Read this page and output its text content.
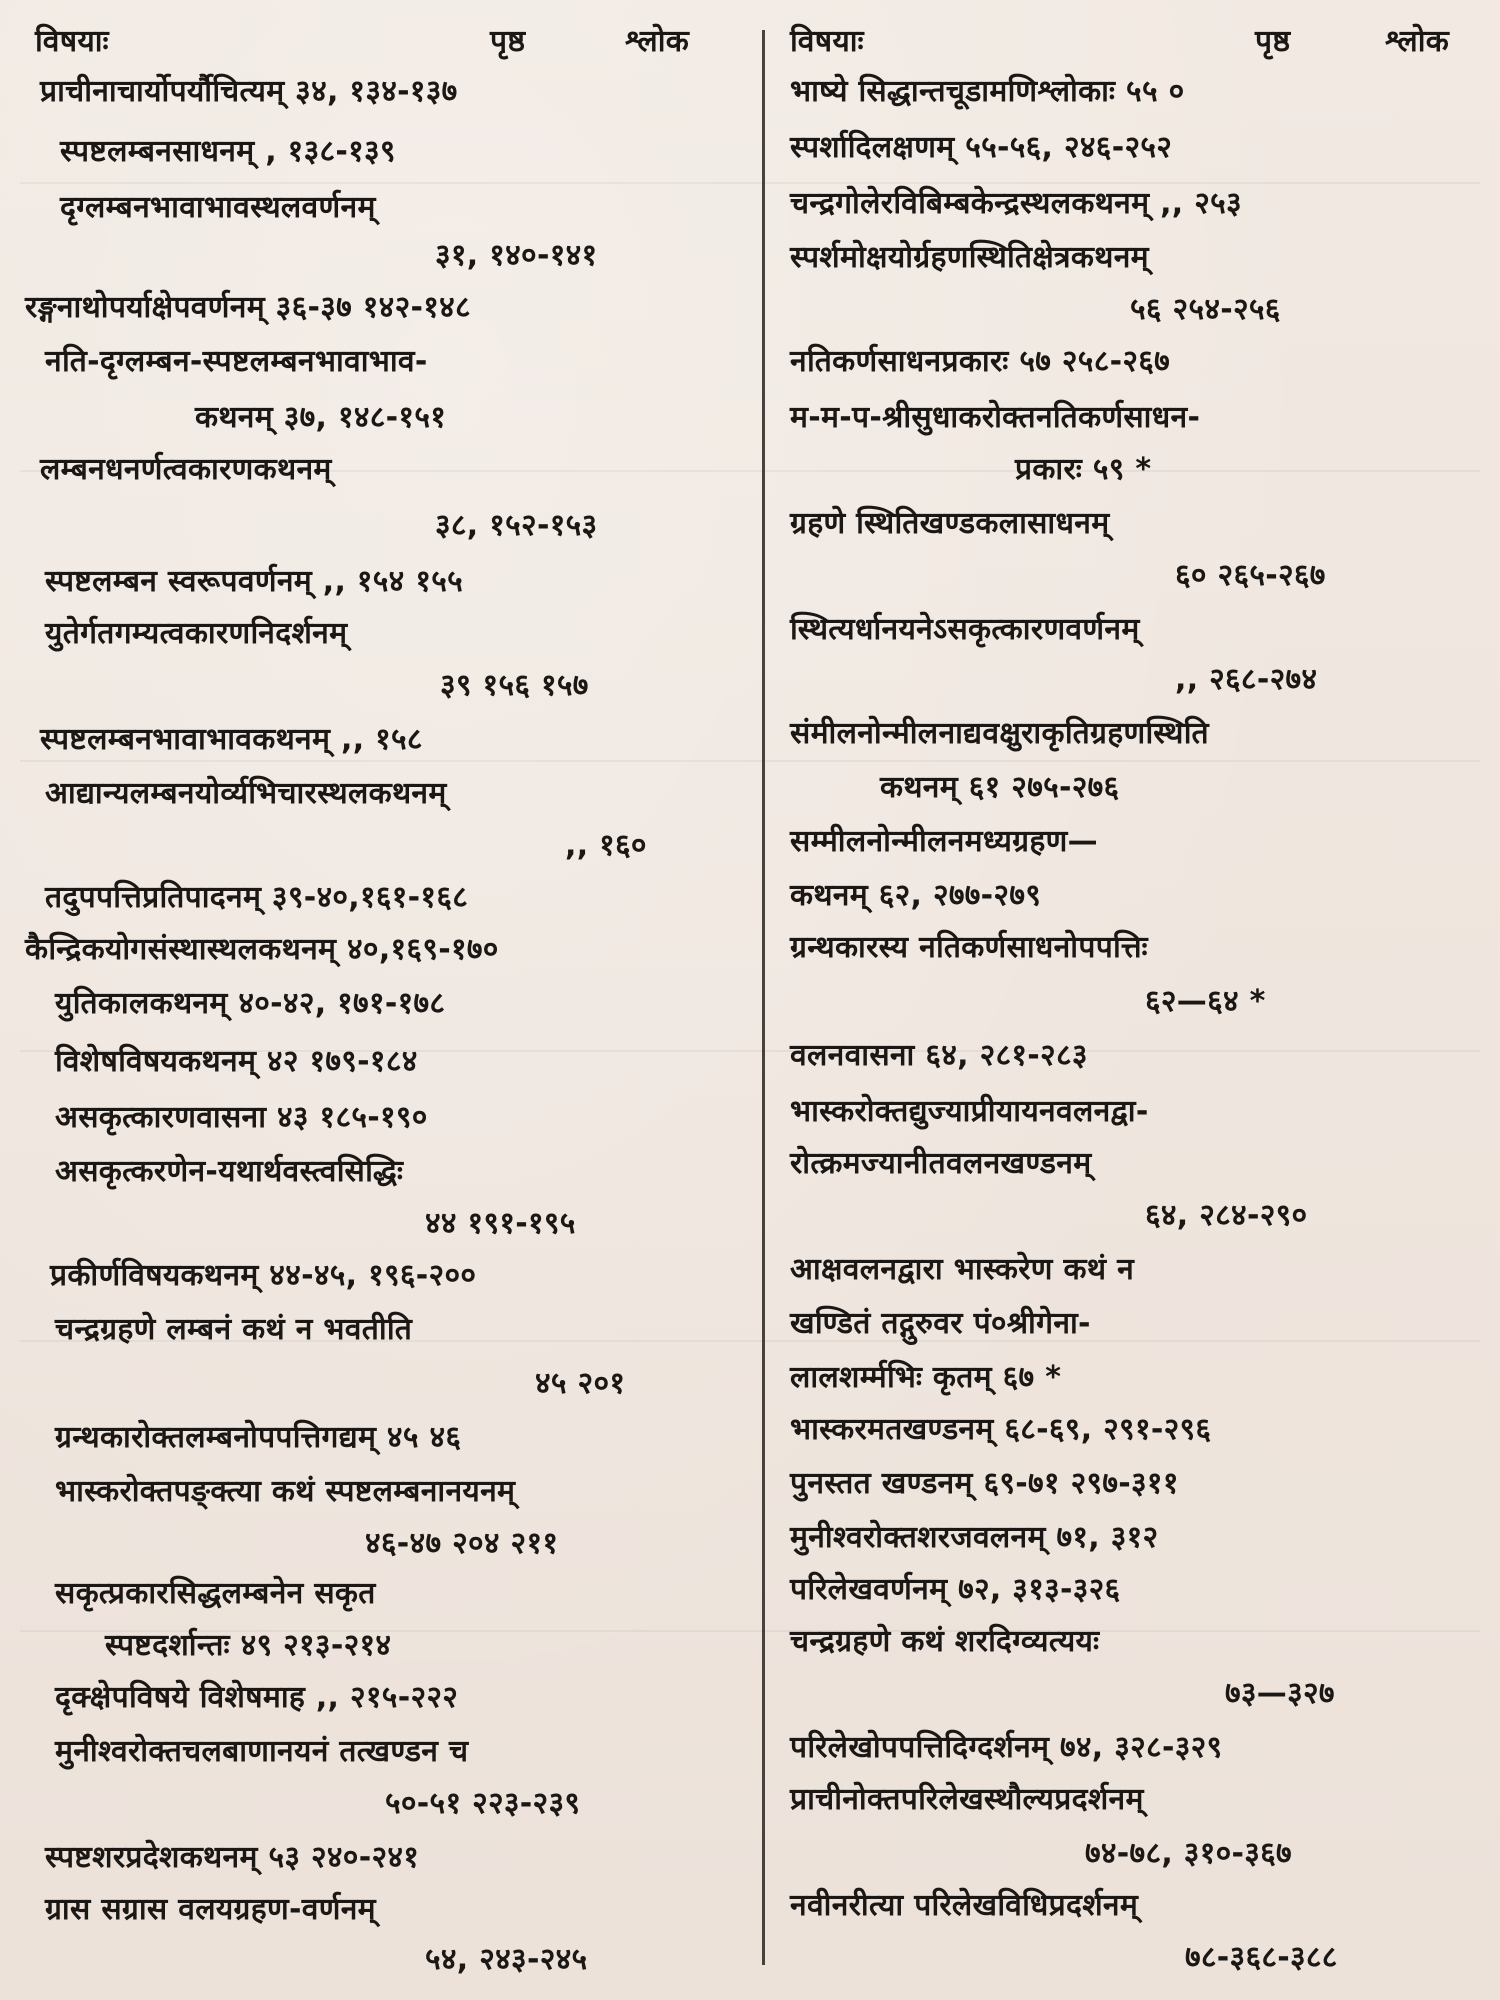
विषयाः	पृष्ठ	श्लोक
प्राचीनाचार्योपर्यौचित्यम् ३४, १३४-१३७
स्पष्टलम्बनसाधनम् , १३८-१३९
दृग्लम्बनभावाभावस्थलवर्णनम्
३१, १४०-१४१
रङ्गनाथोपर्याक्षेपवर्णनम् ३६-३७ १४२-१४८
नति-दृग्लम्बन-स्पष्टलम्बनभावाभाव-
कथनम् ३७, १४८-१५१
लम्बनधनर्णत्वकारणकथनम्
३८, १५२-१५३
स्पष्टलम्बन स्वरूपवर्णनम् ,, १५४ १५५
युतेर्गतगम्यत्वकारणनिदर्शनम्
३९ १५६ १५७
स्पष्टलम्बनभावाभावकथनम् ,, १५८
आद्यान्यलम्बनयोर्व्यभिचारस्थलकथनम्
,, १६०
तदुपपत्तिप्रतिपादनम् ३९-४०,१६१-१६८
कैन्द्रिकयोगसंस्थास्थलकथनम् ४०,१६९-१७०
युतिकालकथनम् ४०-४२, १७१-१७८
विशेषविषयकथनम् ४२ १७९-१८४
असकृत्कारणवासना ४३ १८५-१९०
असकृत्करणेन-यथार्थवस्त्वसिद्धिः
४४ १९१-१९५
प्रकीर्णविषयकथनम् ४४-४५, १९६-२००
चन्द्रग्रहणे लम्बनं कथं न भवतीति
४५ २०१
ग्रन्थकारोक्तलम्बनोपपत्तिगद्यम् ४५ ४६
भास्करोक्तपङ्क्त्या कथं स्पष्टलम्बनानयनम्
४६-४७ २०४ २११
सकृत्प्रकारसिद्धलम्बनेन सकृत
स्पष्टदर्शान्तः ४९ २१३-२१४
दृक्क्षेपविषये विशेषमाह ,, २१५-२२२
मुनीश्वरोक्तचलबाणानयनं तत्खण्डन च
५०-५१ २२३-२३९
स्पष्टशरप्रदेशकथनम् ५३ २४०-२४१
ग्रास सग्रास वलयग्रहण-वर्णनम्
५४, २४३-२४५
विषयाः	पृष्ठ	श्लोक
भाष्ये सिद्धान्तचूडामणिश्लोकाः ५५ ०
स्पर्शादिलक्षणम् ५५-५६, २४६-२५२
चन्द्रगोलेरविबिम्बकेन्द्रस्थलकथनम् ,, २५३
स्पर्शमोक्षयोर्ग्रहणस्थितिक्षेत्रकथनम्
५६ २५४-२५६
नतिकर्णसाधनप्रकारः ५७ २५८-२६७
म-म-प-श्रीसुधाकरोक्तनतिकर्णसाधन-
प्रकारः ५९ *
ग्रहणे स्थितिखण्डकलासाधनम्
६० २६५-२६७
स्थित्यर्धानयनेऽसकृत्कारणवर्णनम्
,, २६८-२७४
संमीलनोन्मीलनाद्यवक्षुराकृतिग्रहणस्थिति
कथनम् ६१ २७५-२७६
सम्मीलनोन्मीलनमध्यग्रहण—
कथनम् ६२, २७७-२७९
ग्रन्थकारस्य नतिकर्णसाधनोपपत्तिः
६२—६४ *
वलनवासना ६४, २८१-२८३
भास्करोक्तद्युज्याप्रीयायनवलनद्वा-
रोत्क्रमज्यानीतवलनखण्डनम्
६४, २८४-२९०
आक्षवलनद्वारा भास्करेण कथं न
खण्डितं तद्गुरुवर पं०श्रीगेना-
लालशर्म्मभिः कृतम् ६७ *
भास्करमतखण्डनम् ६८-६९, २९१-२९६
पुनस्तत खण्डनम् ६९-७१ २९७-३११
मुनीश्वरोक्तशरजवलनम् ७१, ३१२
परिलेखवर्णनम् ७२, ३१३-३२६
चन्द्रग्रहणे कथं शरदिग्व्यत्ययः
७३—३२७
परिलेखोपपत्तिदिग्दर्शनम् ७४, ३२८-३२९
प्राचीनोक्तपरिलेखस्थौल्यप्रदर्शनम्
७४-७८, ३१०-३६७
नवीनरीत्या परिलेखविधिप्रदर्शनम्
७८-३६८-३८८
